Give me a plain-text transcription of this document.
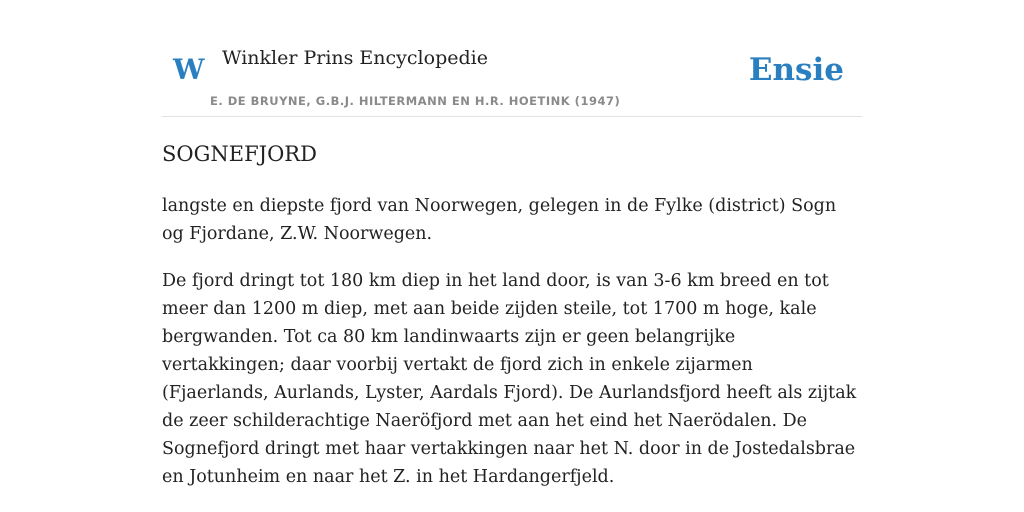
W Winkler Prins Encyclopedie
E. DE BRUYNE, G.B.J. HILTERMANN EN H.R. HOETINK (1947)
Ensie
SOGNEFJORD

langste en diepste fjord van Noorwegen, gelegen in de Fylke (district) Sogn og Fjordane, Z.W. Noorwegen.

De fjord dringt tot 180 km diep in het land door, is van 3-6 km breed en tot meer dan 1200 m diep, met aan beide zijden steile, tot 1700 m hoge, kale bergwanden. Tot ca 80 km landinwaarts zijn er geen belangrijke vertakkingen; daar voorbij vertakt de fjord zich in enkele zijarmen (Fjaerlands, Aurlands, Lyster, Aardals Fjord). De Aurlandsfjord heeft als zijtak de zeer schilderachtige Naeröfjord met aan het eind het Naerödalen. De Sognefjord dringt met haar vertakkingen naar het N. door in de Jostedalsbrae en Jotunheim en naar het Z. in het Hardangerfjeld.
